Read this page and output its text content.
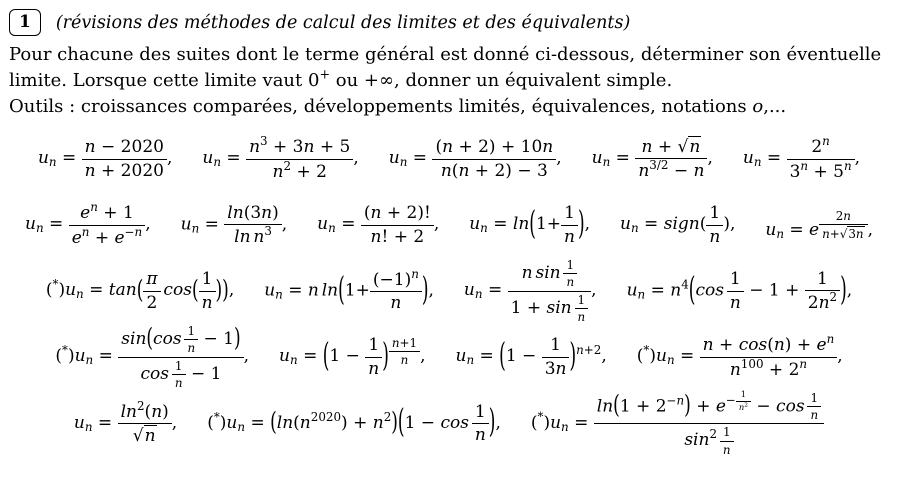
1	(révisions des méthodes de calcul des limites et des équivalents)
Pour chacune des suites dont le terme général est donné ci-dessous, déterminer son éventuelle
limite. Lorsque cette limite vaut 0+ ou +∞, donner un équivalent simple.
Outils : croissances comparées, développements limités, équivalences, notations o,...
$u_n = \frac{n - 2020}{n + 2020}$ , $u_n = \frac{n^3 + 3n + 5}{n^2 + 2}$ , $u_n = \frac{(n + 2) + 10n}{n(n + 2) - 3}$ , $u_n = \frac{n + √n}{n^{3/2} - n}$ , $u_n = \frac{2^n}{3^n + 5^n}$ ,
$u_n = \frac{e^n + 1}{e^n + e^{-n}}$ , $u_n = \frac{\ln(3n)}{\ln n^3}$ , $u_n = \frac{(n + 2)!}{n! + 2}$ , $u_n = \ln(1+ \frac{1}{n}$ ), $u_n$ = sign( $\frac{1}{n}$ ), $u_n = e$ $^{\frac{2n}{n+√3n}}$ ,
$(^*)u_n = \tan( \frac{\pi}{2} \cos( \frac{1}{n}$ )), $u_n = n$ $\ln(1+ \frac{(-1)^n}{n}$ ), $u_n = \frac{n \sin \frac{1}{n}}{1 + \sin \frac{1}{n}}$ , $u_n = n^4(\cos \frac{1}{n} - 1 + \frac{1}{2n^2}$ ),
$(^*)u_n = \frac{\sin(\cos \frac{1}{n} - 1)}{\cos \frac{1}{n} - 1}$ , $u_n = (1 - \frac{1}{n}$ ) $^{\frac{n+1}{n}}$ , $u_n = (1 - \frac{1}{3n} )^{n+2}$, $(^*)u_n = \frac{n + \cos(n) + e^n}{n^{100} + 2^n}$ ,
$u_n = \frac{\ln^2(n)}{√n}$ , $(^*)u_n = (\ln(n^{2020}) + n^2)(1 - \cos \frac{1}{n}$ ), $(^*)u_n = \ln(1 + 2^{-n}) + e^{- \frac{1}{n^2}} - \cos \frac{1}{n}$
$\sin^2 \frac{1}{n}$
